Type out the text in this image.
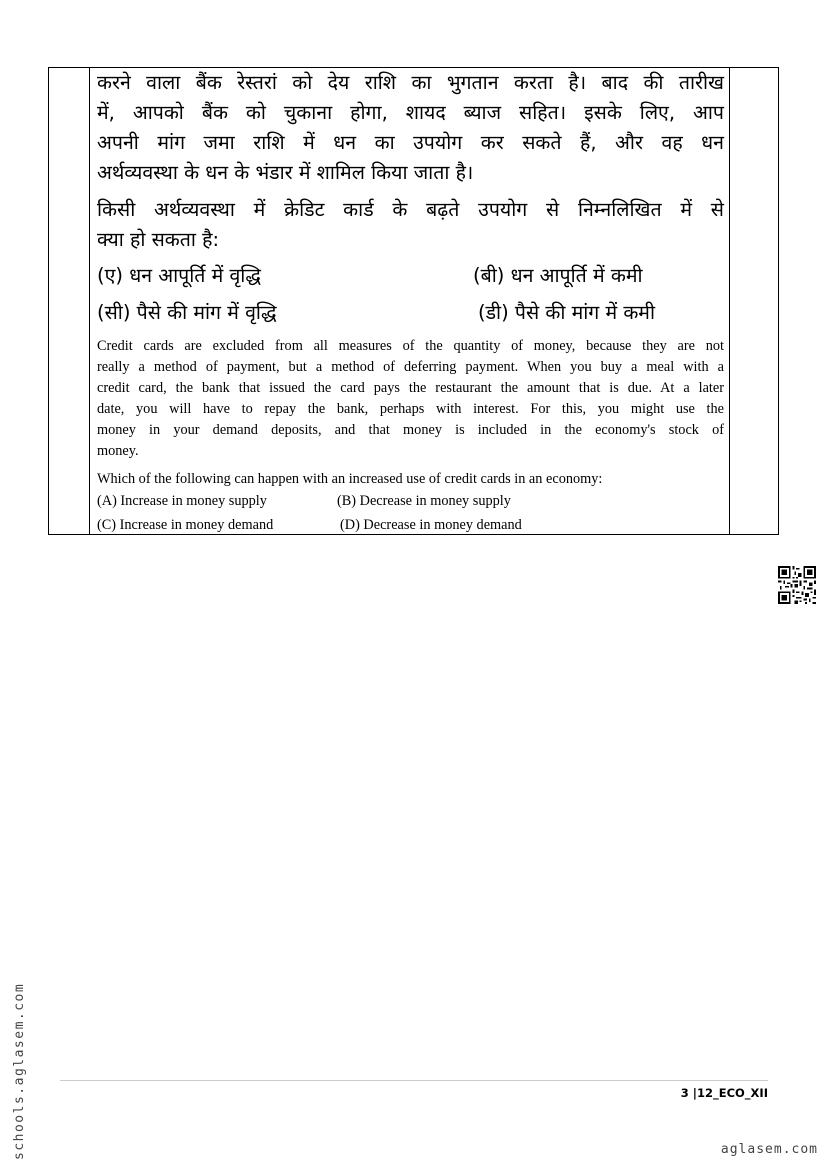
करने वाला बैंक रेस्तरां को देय राशि का भुगतान करता है। बाद की तारीख

में, आपको बैंक को चुकाना होगा, शायद ब्याज सहित। इसके लिए, आप

अपनी मांग जमा राशि में धन का उपयोग कर सकते हैं, और वह धन

अर्थव्यवस्था के धन के भंडार में शामिल किया जाता है।

किसी अर्थव्यवस्था में क्रेडिट कार्ड के बढ़ते उपयोग से निम्नलिखित में से

क्या हो सकता है:

(ए) धन आपूर्ति में वृद्धि	(बी) धन आपूर्ति में कमी
(सी) पैसे की मांग में वृद्धि	(डी) पैसे की मांग में कमी

Credit cards are excluded from all measures of the quantity of money, because they are not

really a method of payment, but a method of deferring payment. When you buy a meal with a

credit card, the bank that issued the card pays the restaurant the amount that is due. At a later

date, you will have to repay the bank, perhaps with interest. For this, you might use the

money in your demand deposits, and that money is included in the economy's stock of

money.

Which of the following can happen with an increased use of credit cards in an economy:
(A) Increase in money supply	(B) Decrease in money supply
(C) Increase in money demand	(D) Decrease in money demand
schools.aglasem.com	3 |12_ECO_XII
aglasem.com
